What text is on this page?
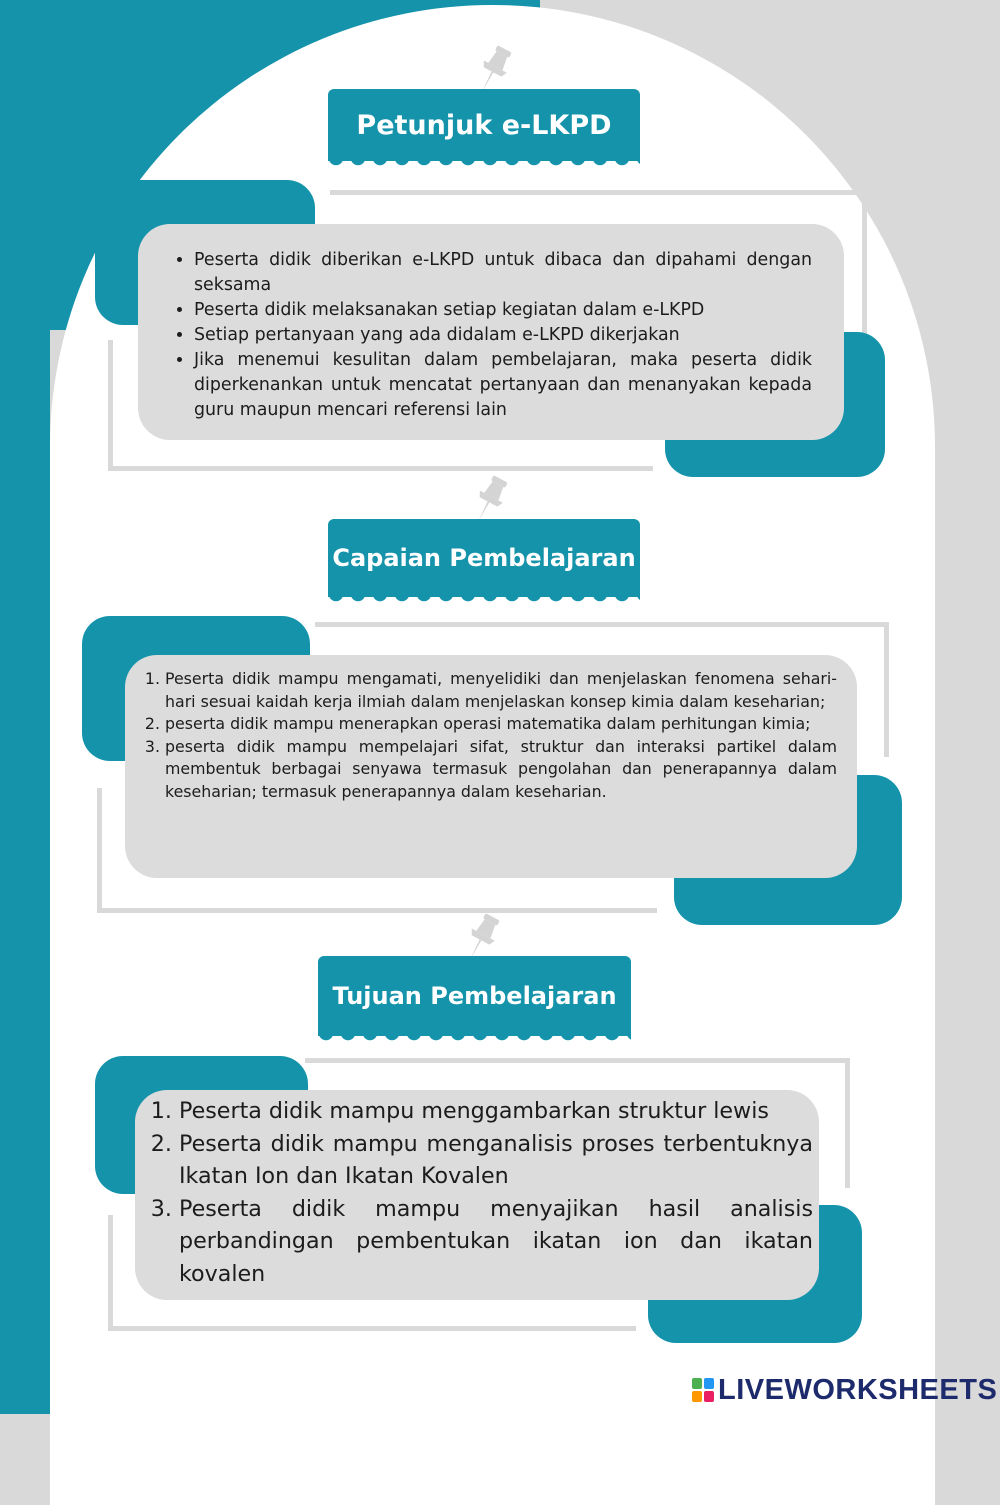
Petunjuk e-LKPD
• Peserta didik diberikan e-LKPD untuk dibaca dan dipahami dengan seksama
• Peserta didik melaksanakan setiap kegiatan dalam e-LKPD
• Setiap pertanyaan yang ada didalam e-LKPD dikerjakan
• Jika menemui kesulitan dalam pembelajaran, maka peserta didik diperkenankan untuk mencatat pertanyaan dan menanyakan kepada guru maupun mencari referensi lain
Capaian Pembelajaran
1. Peserta didik mampu mengamati, menyelidiki dan menjelaskan fenomena sehari-hari sesuai kaidah kerja ilmiah dalam menjelaskan konsep kimia dalam keseharian;
2. peserta didik mampu menerapkan operasi matematika dalam perhitungan kimia;
3. peserta didik mampu mempelajari sifat, struktur dan interaksi partikel dalam membentuk berbagai senyawa termasuk pengolahan dan penerapannya dalam keseharian; termasuk penerapannya dalam keseharian.
Tujuan Pembelajaran
1. Peserta didik mampu menggambarkan struktur lewis
2. Peserta didik mampu menganalisis proses terbentuknya Ikatan Ion dan Ikatan Kovalen
3. Peserta didik mampu menyajikan hasil analisis perbandingan pembentukan ikatan ion dan ikatan kovalen
LIVEWORKSHEETS
